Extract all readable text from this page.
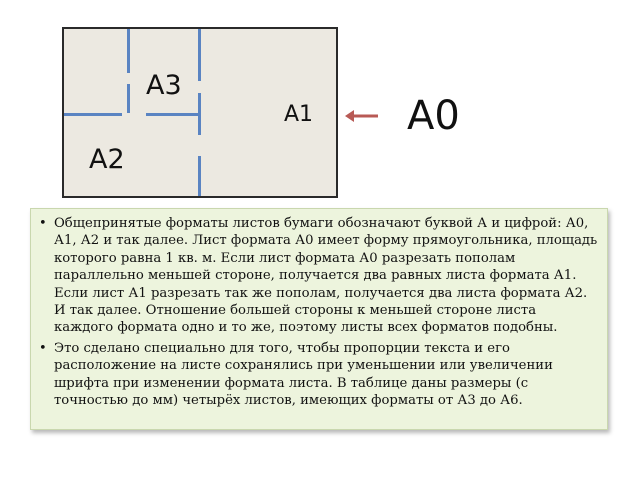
A3
A1
A2
A0
• Общепринятые форматы листов бумаги обозначают буквой А и цифрой: А0, А1, А2 и так далее. Лист формата А0 имеет форму прямоугольника, площадь которого равна 1 кв. м. Если лист формата А0 разрезать пополам параллельно меньшей стороне, получается два равных листа формата А1. Если лист А1 разрезать так же пополам, получается два листа формата А2. И так далее. Отношение большей стороны к меньшей стороне листа каждого формата одно и то же, поэтому листы всех форматов подобны.
• Это сделано специально для того, чтобы пропорции текста и его расположение на листе сохранялись при уменьшении или увеличении шрифта при изменении формата листа. В таблице даны размеры (с точностью до мм) четырёх листов, имеющих форматы от А3 до А6.
